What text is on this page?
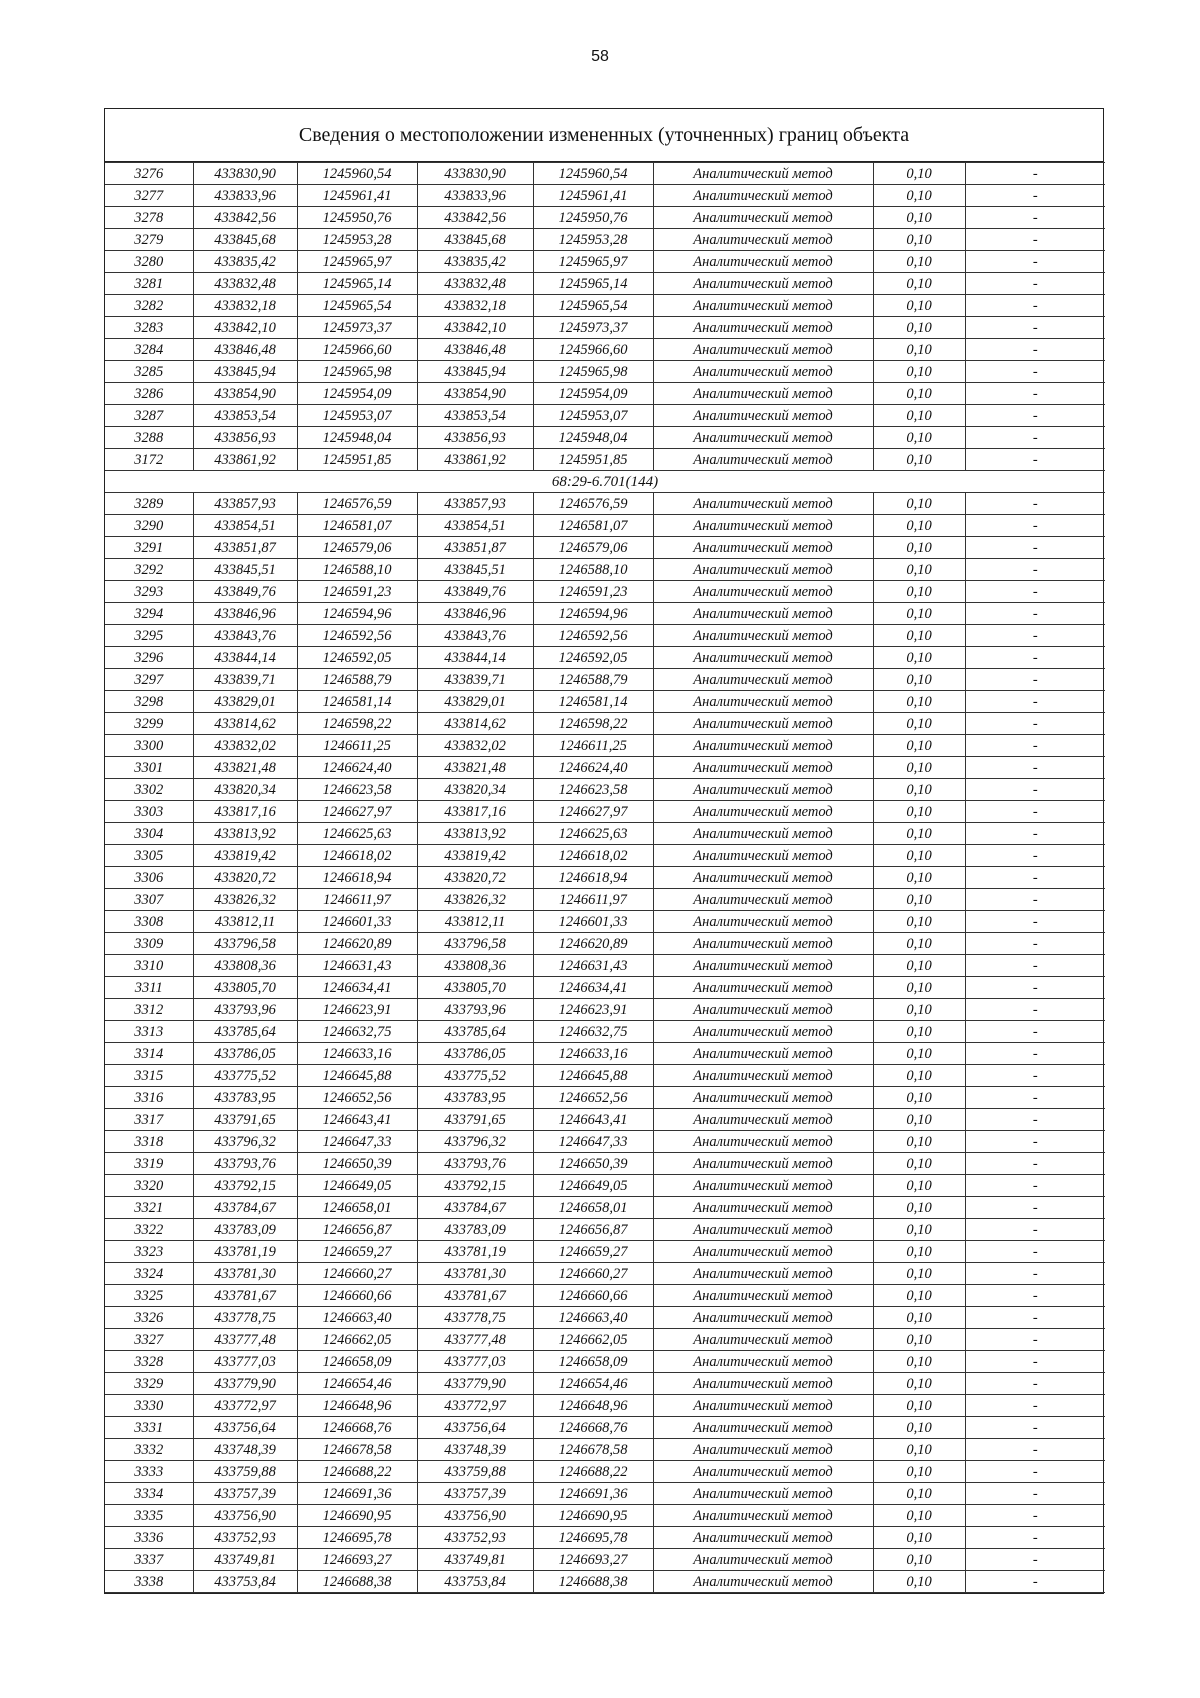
58
Сведения о местоположении измененных (уточненных) границ объекта
3276	433830,90	1245960,54	433830,90	1245960,54	Аналитический метод	0,10	-
3277	433833,96	1245961,41	433833,96	1245961,41	Аналитический метод	0,10	-
3278	433842,56	1245950,76	433842,56	1245950,76	Аналитический метод	0,10	-
3279	433845,68	1245953,28	433845,68	1245953,28	Аналитический метод	0,10	-
3280	433835,42	1245965,97	433835,42	1245965,97	Аналитический метод	0,10	-
3281	433832,48	1245965,14	433832,48	1245965,14	Аналитический метод	0,10	-
3282	433832,18	1245965,54	433832,18	1245965,54	Аналитический метод	0,10	-
3283	433842,10	1245973,37	433842,10	1245973,37	Аналитический метод	0,10	-
3284	433846,48	1245966,60	433846,48	1245966,60	Аналитический метод	0,10	-
3285	433845,94	1245965,98	433845,94	1245965,98	Аналитический метод	0,10	-
3286	433854,90	1245954,09	433854,90	1245954,09	Аналитический метод	0,10	-
3287	433853,54	1245953,07	433853,54	1245953,07	Аналитический метод	0,10	-
3288	433856,93	1245948,04	433856,93	1245948,04	Аналитический метод	0,10	-
3172	433861,92	1245951,85	433861,92	1245951,85	Аналитический метод	0,10	-
68:29-6.701(144)							
3289	433857,93	1246576,59	433857,93	1246576,59	Аналитический метод	0,10	-
3290	433854,51	1246581,07	433854,51	1246581,07	Аналитический метод	0,10	-
3291	433851,87	1246579,06	433851,87	1246579,06	Аналитический метод	0,10	-
3292	433845,51	1246588,10	433845,51	1246588,10	Аналитический метод	0,10	-
3293	433849,76	1246591,23	433849,76	1246591,23	Аналитический метод	0,10	-
3294	433846,96	1246594,96	433846,96	1246594,96	Аналитический метод	0,10	-
3295	433843,76	1246592,56	433843,76	1246592,56	Аналитический метод	0,10	-
3296	433844,14	1246592,05	433844,14	1246592,05	Аналитический метод	0,10	-
3297	433839,71	1246588,79	433839,71	1246588,79	Аналитический метод	0,10	-
3298	433829,01	1246581,14	433829,01	1246581,14	Аналитический метод	0,10	-
3299	433814,62	1246598,22	433814,62	1246598,22	Аналитический метод	0,10	-
3300	433832,02	1246611,25	433832,02	1246611,25	Аналитический метод	0,10	-
3301	433821,48	1246624,40	433821,48	1246624,40	Аналитический метод	0,10	-
3302	433820,34	1246623,58	433820,34	1246623,58	Аналитический метод	0,10	-
3303	433817,16	1246627,97	433817,16	1246627,97	Аналитический метод	0,10	-
3304	433813,92	1246625,63	433813,92	1246625,63	Аналитический метод	0,10	-
3305	433819,42	1246618,02	433819,42	1246618,02	Аналитический метод	0,10	-
3306	433820,72	1246618,94	433820,72	1246618,94	Аналитический метод	0,10	-
3307	433826,32	1246611,97	433826,32	1246611,97	Аналитический метод	0,10	-
3308	433812,11	1246601,33	433812,11	1246601,33	Аналитический метод	0,10	-
3309	433796,58	1246620,89	433796,58	1246620,89	Аналитический метод	0,10	-
3310	433808,36	1246631,43	433808,36	1246631,43	Аналитический метод	0,10	-
3311	433805,70	1246634,41	433805,70	1246634,41	Аналитический метод	0,10	-
3312	433793,96	1246623,91	433793,96	1246623,91	Аналитический метод	0,10	-
3313	433785,64	1246632,75	433785,64	1246632,75	Аналитический метод	0,10	-
3314	433786,05	1246633,16	433786,05	1246633,16	Аналитический метод	0,10	-
3315	433775,52	1246645,88	433775,52	1246645,88	Аналитический метод	0,10	-
3316	433783,95	1246652,56	433783,95	1246652,56	Аналитический метод	0,10	-
3317	433791,65	1246643,41	433791,65	1246643,41	Аналитический метод	0,10	-
3318	433796,32	1246647,33	433796,32	1246647,33	Аналитический метод	0,10	-
3319	433793,76	1246650,39	433793,76	1246650,39	Аналитический метод	0,10	-
3320	433792,15	1246649,05	433792,15	1246649,05	Аналитический метод	0,10	-
3321	433784,67	1246658,01	433784,67	1246658,01	Аналитический метод	0,10	-
3322	433783,09	1246656,87	433783,09	1246656,87	Аналитический метод	0,10	-
3323	433781,19	1246659,27	433781,19	1246659,27	Аналитический метод	0,10	-
3324	433781,30	1246660,27	433781,30	1246660,27	Аналитический метод	0,10	-
3325	433781,67	1246660,66	433781,67	1246660,66	Аналитический метод	0,10	-
3326	433778,75	1246663,40	433778,75	1246663,40	Аналитический метод	0,10	-
3327	433777,48	1246662,05	433777,48	1246662,05	Аналитический метод	0,10	-
3328	433777,03	1246658,09	433777,03	1246658,09	Аналитический метод	0,10	-
3329	433779,90	1246654,46	433779,90	1246654,46	Аналитический метод	0,10	-
3330	433772,97	1246648,96	433772,97	1246648,96	Аналитический метод	0,10	-
3331	433756,64	1246668,76	433756,64	1246668,76	Аналитический метод	0,10	-
3332	433748,39	1246678,58	433748,39	1246678,58	Аналитический метод	0,10	-
3333	433759,88	1246688,22	433759,88	1246688,22	Аналитический метод	0,10	-
3334	433757,39	1246691,36	433757,39	1246691,36	Аналитический метод	0,10	-
3335	433756,90	1246690,95	433756,90	1246690,95	Аналитический метод	0,10	-
3336	433752,93	1246695,78	433752,93	1246695,78	Аналитический метод	0,10	-
3337	433749,81	1246693,27	433749,81	1246693,27	Аналитический метод	0,10	-
3338	433753,84	1246688,38	433753,84	1246688,38	Аналитический метод	0,10	-
